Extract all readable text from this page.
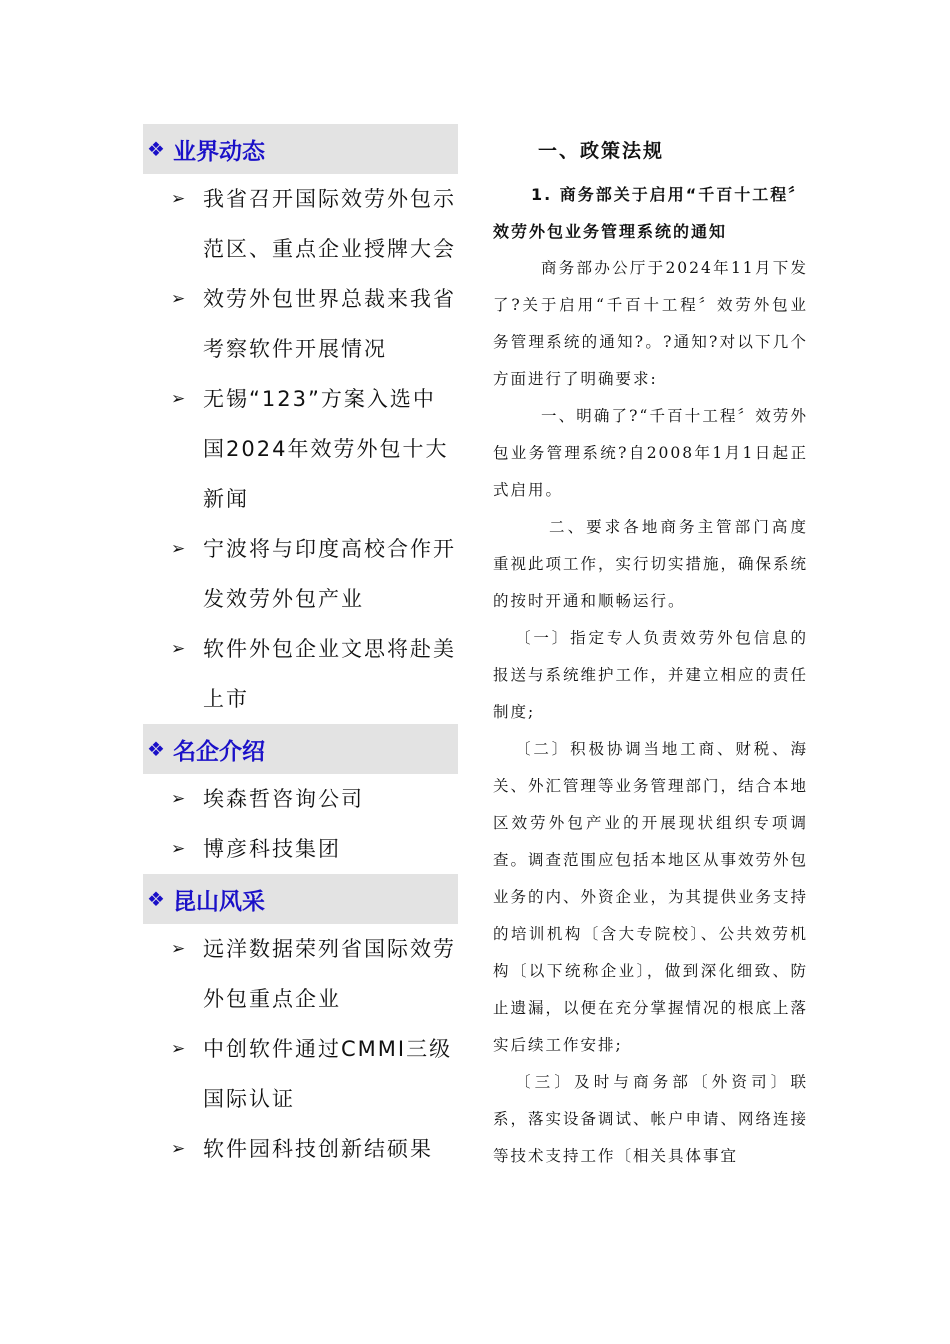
❖ 业界动态
➢ 我省召开国际效劳外包示范区、重点企业授牌大会
➢ 效劳外包世界总裁来我省考察软件开展情况
➢ 无锡“123”方案入选中国2024年效劳外包十大新闻
➢ 宁波将与印度高校合作开发效劳外包产业
➢ 软件外包企业文思将赴美上市
❖ 名企介绍
➢ 埃森哲咨询公司
➢ 博彦科技集团
❖ 昆山风采
➢ 远洋数据荣列省国际效劳外包重点企业
➢ 中创软件通过CMMI三级国际认证
➢ 软件园科技创新结硕果
一、政策法规
1. 商务部关于启用“千百十工程〞效劳外包业务管理系统的通知
商务部办公厅于2024年11月下发了?关于启用“千百十工程〞效劳外包业务管理系统的通知?。?通知?对以下几个方面进行了明确要求:
一、明确了?“千百十工程〞效劳外包业务管理系统?自2008年1月1日起正式启用。
二、要求各地商务主管部门高度重视此项工作，实行切实措施，确保系统的按时开通和顺畅运行。
〔一〕指定专人负责效劳外包信息的报送与系统维护工作，并建立相应的责任制度;
〔二〕积极协调当地工商、财税、海关、外汇管理等业务管理部门，结合本地区效劳外包产业的开展现状组织专项调查。调查范围应包括本地区从事效劳外包业务的内、外资企业，为其提供业务支持的培训机构〔含大专院校〕、公共效劳机构〔以下统称企业〕，做到深化细致、防止遗漏，以便在充分掌握情况的根底上落实后续工作安排;
〔三〕及时与商务部〔外资司〕联系，落实设备调试、帐户申请、网络连接等技术支持工作〔相关具体事宜
